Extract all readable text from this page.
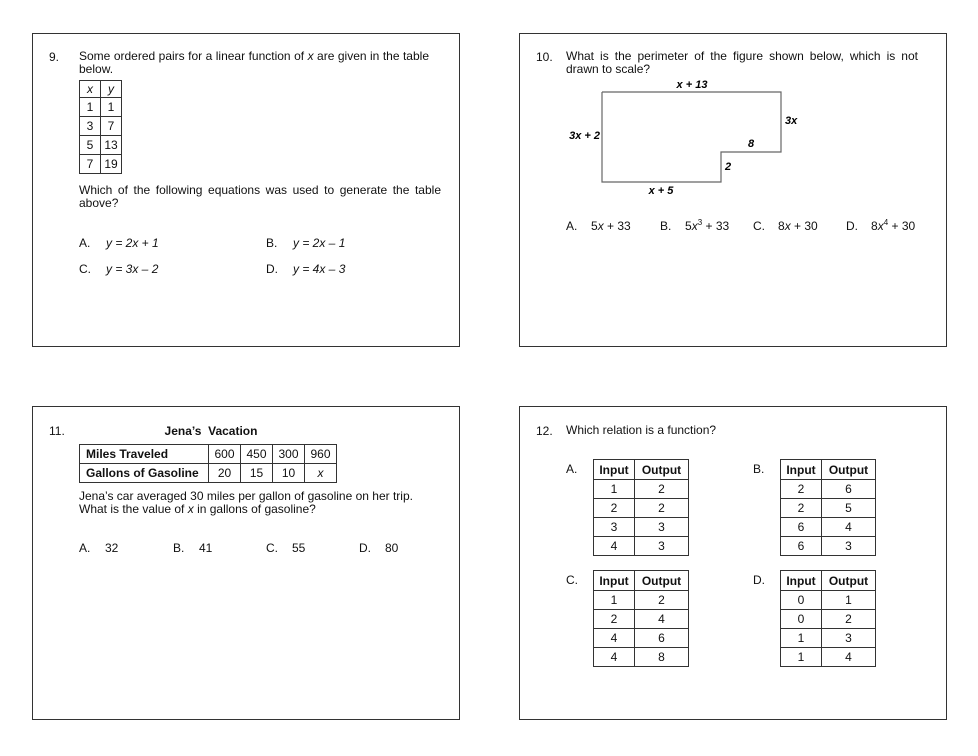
9. Some ordered pairs for a linear function of x are given in the table below.
x	y
1	1
3	7
5	13
7	19
Which of the following equations was used to generate the table above?
A. y = 2x + 1	B. y = 2x – 1
C. y = 3x – 2	D. y = 4x – 3
10. What is the perimeter of the figure shown below, which is not drawn to scale?
x + 13
3x + 2
3x
8
2
x + 5
A. 5x + 33 B. $5x^3 + 33$ C. 8x + 30 D. $8x^4 + 30$
11.	Jena’s  Vacation
Miles Traveled	600	450	300	960
Gallons of Gasoline	20	15	10	x
Jena’s car averaged 30 miles per gallon of gasoline on her trip. What is the value of x in gallons of gasoline?
A. 32	B. 41	C. 55	D. 80
12. Which relation is a function?
A. Input	Output
1	2
2	2
3	3
4	3
B. Input	Output
2	6
2	5
6	4
6	3
C. Input	Output
1	2
2	4
4	6
4	8
D. Input	Output
0	1
0	2
1	3
1	4
